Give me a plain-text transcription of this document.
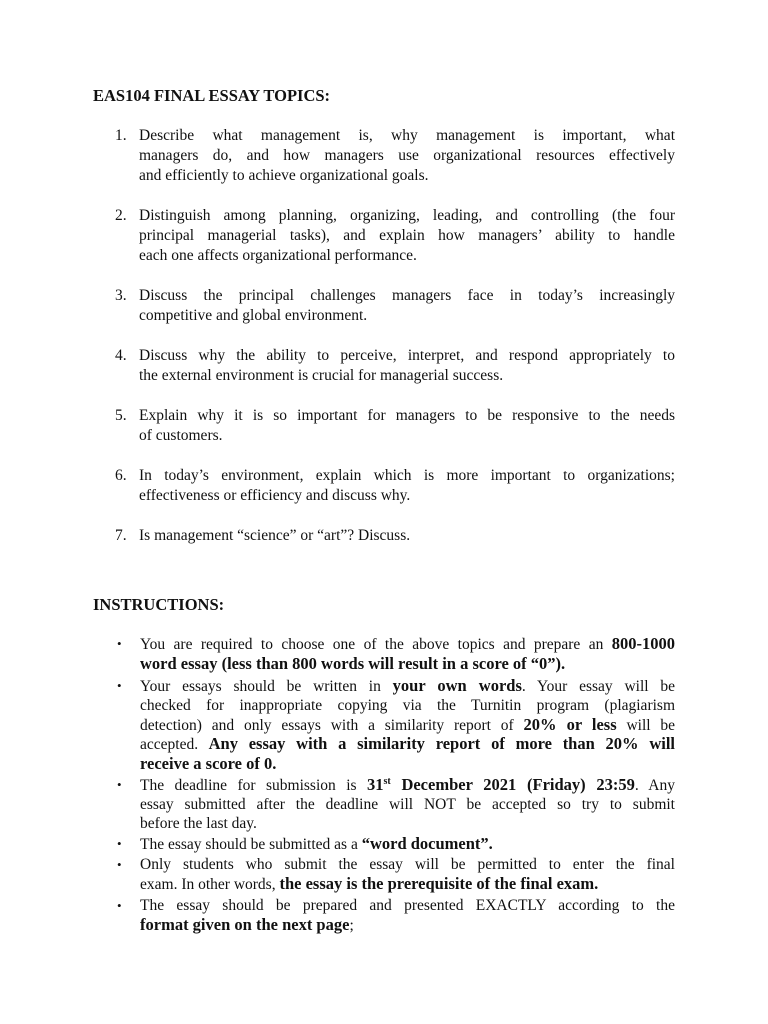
EAS104 FINAL ESSAY TOPICS:
1. Describe what management is, why management is important, what
managers do, and how managers use organizational resources effectively
and efficiently to achieve organizational goals.
2. Distinguish among planning, organizing, leading, and controlling (the four
principal managerial tasks), and explain how managers’ ability to handle
each one affects organizational performance.
3. Discuss the principal challenges managers face in today’s increasingly
competitive and global environment.
4. Discuss why the ability to perceive, interpret, and respond appropriately to
the external environment is crucial for managerial success.
5. Explain why it is so important for managers to be responsive to the needs
of customers.
6. In today’s environment, explain which is more important to organizations;
effectiveness or efficiency and discuss why.
7. Is management “science” or “art”? Discuss.
INSTRUCTIONS:
• You are required to choose one of the above topics and prepare an 800-1000
word essay (less than 800 words will result in a score of “0”).
• Your essays should be written in your own words. Your essay will be
checked for inappropriate copying via the Turnitin program (plagiarism
detection) and only essays with a similarity report of 20% or less will be
accepted. Any essay with a similarity report of more than 20% will
receive a score of 0.
• The deadline for submission is 31st December 2021 (Friday) 23:59. Any
essay submitted after the deadline will NOT be accepted so try to submit
before the last day.
• The essay should be submitted as a “word document”.
• Only students who submit the essay will be permitted to enter the final
exam. In other words, the essay is the prerequisite of the final exam.
• The essay should be prepared and presented EXACTLY according to the
format given on the next page;
